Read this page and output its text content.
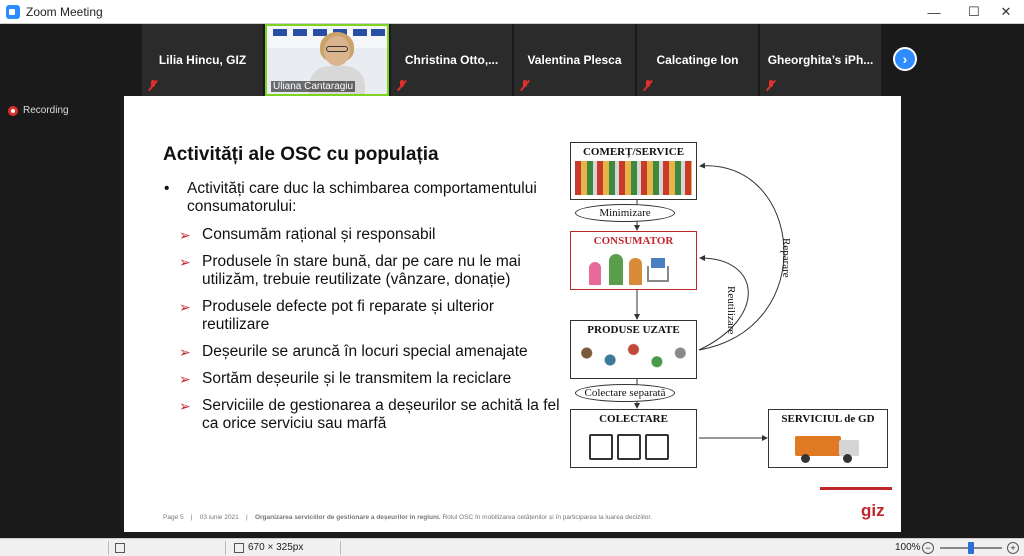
Zoom Meeting	—	☐	✕
Lilia Hincu, GIZ
Uliana Cantaragiu
Christina Otto,...	Valentina Plesca	Calcatinge Ion	Gheorghita’s iPh...	›
Recording
Activități ale OSC cu populația
• Activități care duc la schimbarea comportamentului consumatorului:
➢ Consumăm rațional și responsabil
➢ Produsele în stare bună, dar pe care nu le mai utilizăm, trebuie reutilizate (vânzare, donație)
➢ Produsele defecte pot fi reparate și ulterior reutilizare
➢ Deșeurile se aruncă în locuri special amenajate
➢ Sortăm deșeurile și le transmitem la reciclare
➢ Serviciile de gestionarea a deșeurilor se achită la fel ca orice serviciu sau marfă
COMERȚ/SERVICE
Minimizare
CONSUMATOR
PRODUSE UZATE
Colectare separată
COLECTARE	SERVICIUL de GD
Reparare
Reutilizare
Page 5    |    03 iunie 2021    |    Organizarea serviciilor de gestionare a deșeurilor în regiuni. Rolul OSC în mobilizarea cetățenilor și în participarea la luarea deciziilor.	giz
670 × 325px	100% −	+
